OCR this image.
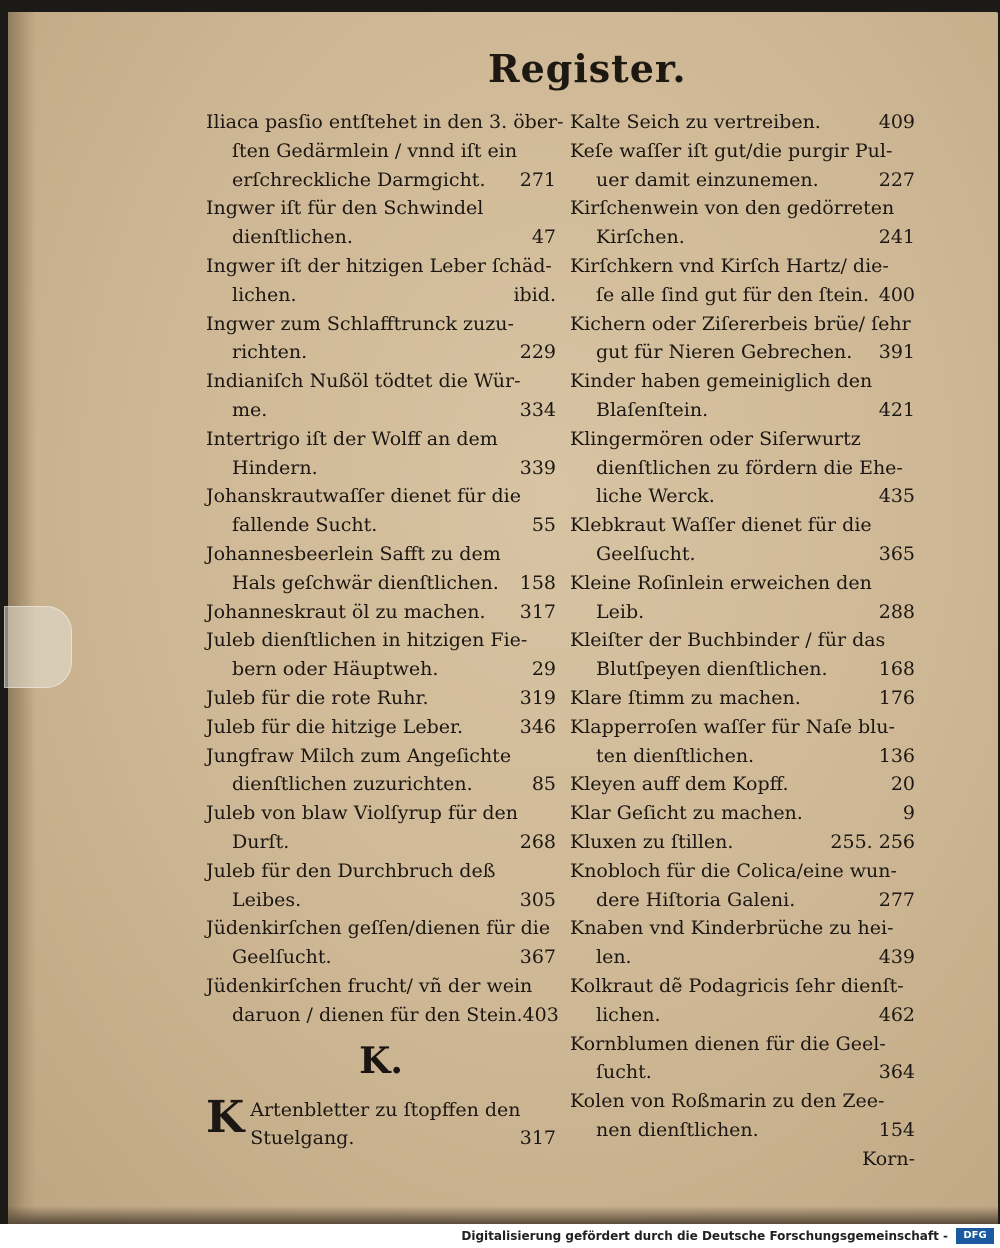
Register.
Iliaca pasſio entſtehet in den 3. öber-
ſten Gedärmlein / vnnd iſt ein
erſchreckliche Darmgicht. 271
Ingwer iſt für den Schwindel
dienſtlichen.	47
Ingwer iſt der hitzigen Leber ſchäd-
lichen.	ibid.
Ingwer zum Schlafftrunck zuzu-
richten.	229
Indianiſch Nußöl tödtet die Wür-
me.	334
Intertrigo iſt der Wolff an dem
Hindern.	339
Johanskrautwaſſer dienet für die
fallende Sucht.	55
Johannesbeerlein Safft zu dem
Hals geſchwär dienſtlichen. 158
Johanneskraut öl zu machen. 317
Juleb dienſtlichen in hitzigen Fie-
bern oder Häuptweh.	29
Juleb für die rote Ruhr.	319
Juleb für die hitzige Leber.	346
Jungfraw Milch zum Angeſichte
dienſtlichen zuzurichten.	85
Juleb von blaw Violſyrup für den
Durſt.	268
Juleb für den Durchbruch deß
Leibes.	305
Jüdenkirſchen geſſen/dienen für die
Geelſucht.	367
Jüdenkirſchen frucht/ vñ der wein
daruon / dienen für den Stein. 403
K.
K Artenbletter zu ſtopffen den
Stuelgang.	317
Kalte Seich zu vertreiben.	409
Keſe waſſer iſt gut/die purgir Pul-
uer damit einzunemen.	227
Kirſchenwein von den gedörreten
Kirſchen.	241
Kirſchkern vnd Kirſch Hartz/ die-
ſe alle ſind gut für den ſtein. 400
Kichern oder Ziſererbeis brüe/ ſehr
gut für Nieren Gebrechen. 391
Kinder haben gemeiniglich den
Blaſenſtein.	421
Klingermören oder Siſerwurtz
dienſtlichen zu fördern die Ehe-
liche Werck.	435
Klebkraut Waſſer dienet für die
Geelſucht.	365
Kleine Roſinlein erweichen den
Leib.	288
Kleiſter der Buchbinder / für das
Blutſpeyen dienſtlichen.	168
Klare ſtimm zu machen.	176
Klapperroſen waſſer für Naſe blu-
ten dienſtlichen.	136
Kleyen auff dem Kopff.	20
Klar Geſicht zu machen.	9
Kluxen zu ſtillen.	255. 256
Knobloch für die Colica/eine wun-
dere Hiſtoria Galeni.	277
Knaben vnd Kinderbrüche zu hei-
len.	439
Kolkraut dẽ Podagricis ſehr dienſt-
lichen.	462
Kornblumen dienen für die Geel-
ſucht.	364
Kolen von Roßmarin zu den Zee-
nen dienſtlichen.	154
Korn-
Digitalisierung gefördert durch die Deutsche Forschungsgemeinschaft -	DFG
